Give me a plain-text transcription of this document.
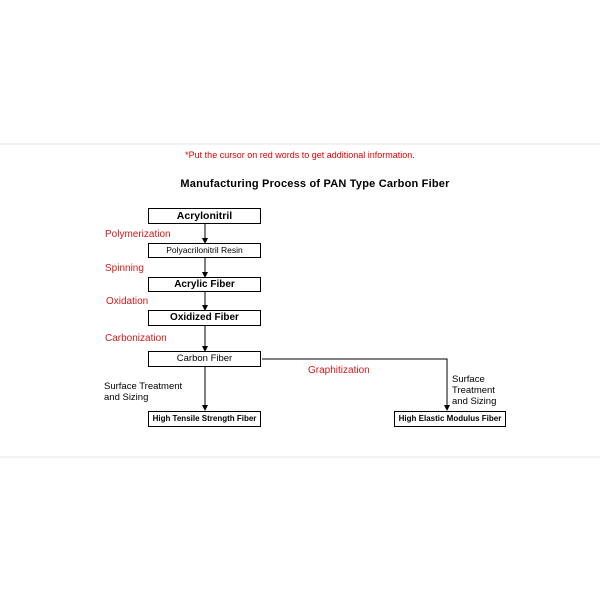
*Put the cursor on red words to get additional information.
Manufacturing Process of PAN Type Carbon Fiber
Acrylonitril
Polyacrilonitril Resin
Acrylic Fiber
Oxidized Fiber
Carbon Fiber
High Tensile Strength Fiber	High Elastic Modulus Fiber
Polymerization
Spinning
Oxidation
Carbonization
Graphitization
Surface Treatment and Sizing
Surface Treatment and Sizing
